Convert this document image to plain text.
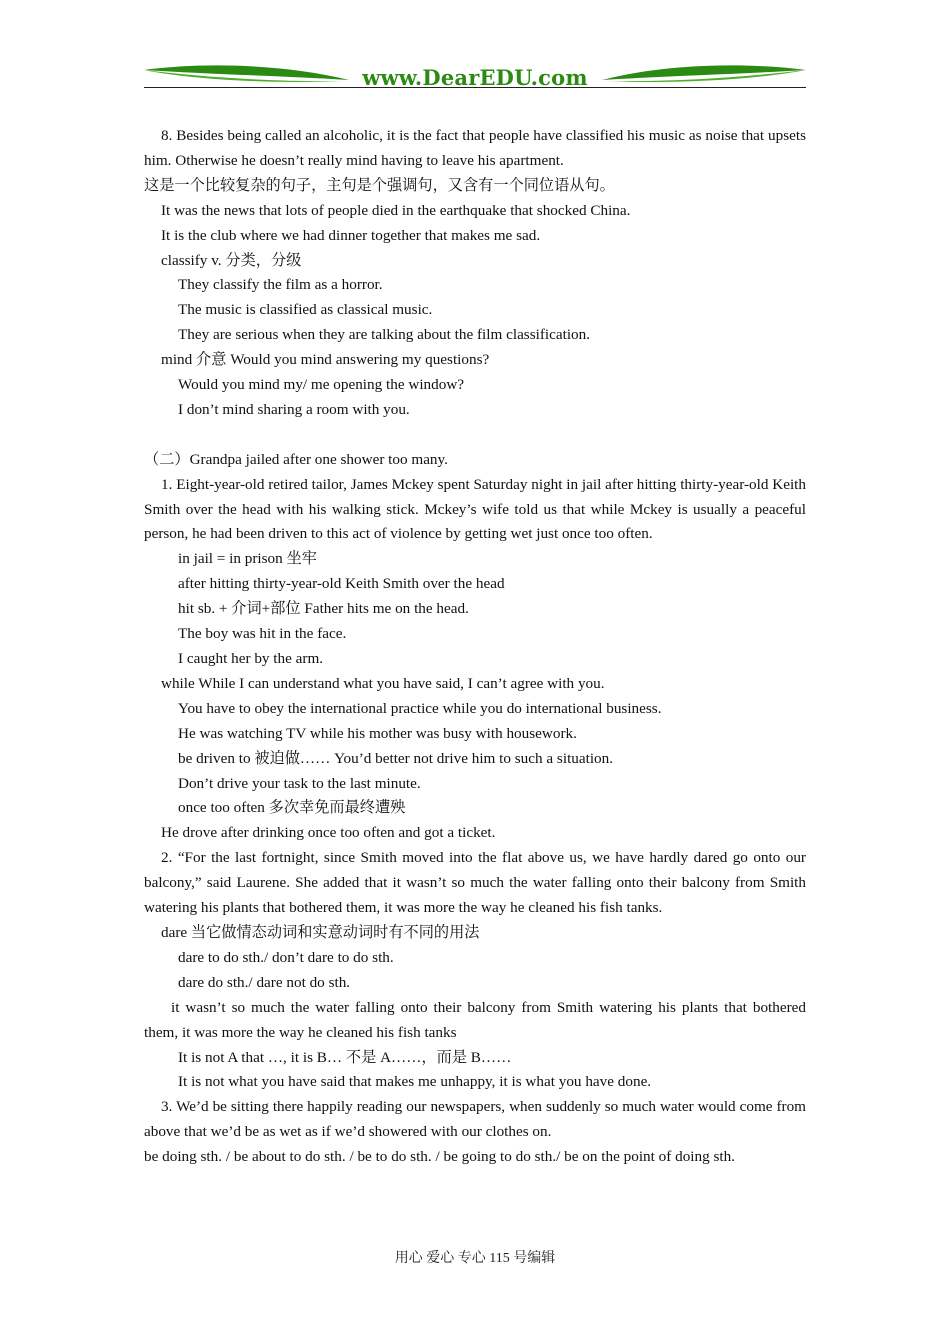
www.DearEDU.com
8. Besides being called an alcoholic, it is the fact that people have classified his music as noise that upsets him. Otherwise he doesn’t really mind having to leave his apartment.
这是一个比较复杂的句子，主句是个强调句，又含有一个同位语从句。
It was the news that lots of people died in the earthquake that shocked China.
It is the club where we had dinner together that makes me sad.
classify v. 分类，分级
They classify the film as a horror.
The music is classified as classical music.
They are serious when they are talking about the film classification.
mind 介意 Would you mind answering my questions?
Would you mind my/ me opening the window?
I don’t mind sharing a room with you.
（二）Grandpa jailed after one shower too many.
1. Eight-year-old retired tailor, James Mckey spent Saturday night in jail after hitting thirty-year-old Keith Smith over the head with his walking stick. Mckey’s wife told us that while Mckey is usually a peaceful person, he had been driven to this act of violence by getting wet just once too often.
in jail = in prison 坐牢
after hitting thirty-year-old Keith Smith over the head
hit sb. + 介词+部位 Father hits me on the head.
The boy was hit in the face.
I caught her by the arm.
while While I can understand what you have said, I can’t agree with you.
You have to obey the international practice while you do international business.
He was watching TV while his mother was busy with housework.
be driven to 被迫做…… You’d better not drive him to such a situation.
Don’t drive your task to the last minute.
once too often 多次幸免而最终遭殃
He drove after drinking once too often and got a ticket.
2. “For the last fortnight, since Smith moved into the flat above us, we have hardly dared go onto our balcony,” said Laurene. She added that it wasn’t so much the water falling onto their balcony from Smith watering his plants that bothered them, it was more the way he cleaned his fish tanks.
dare 当它做情态动词和实意动词时有不同的用法
dare to do sth./ don’t dare to do sth.
dare do sth./ dare not do sth.
it wasn’t so much the water falling onto their balcony from Smith watering his plants that bothered them, it was more the way he cleaned his fish tanks
It is not A that …, it is B… 不是 A……，而是 B……
It is not what you have said that makes me unhappy, it is what you have done.
3. We’d be sitting there happily reading our newspapers, when suddenly so much water would come from above that we’d be as wet as if we’d showered with our clothes on.
be doing sth. / be about to do sth. / be to do sth. / be going to do sth./ be on the point of doing sth.
用心 爱心 专心 115 号编辑
